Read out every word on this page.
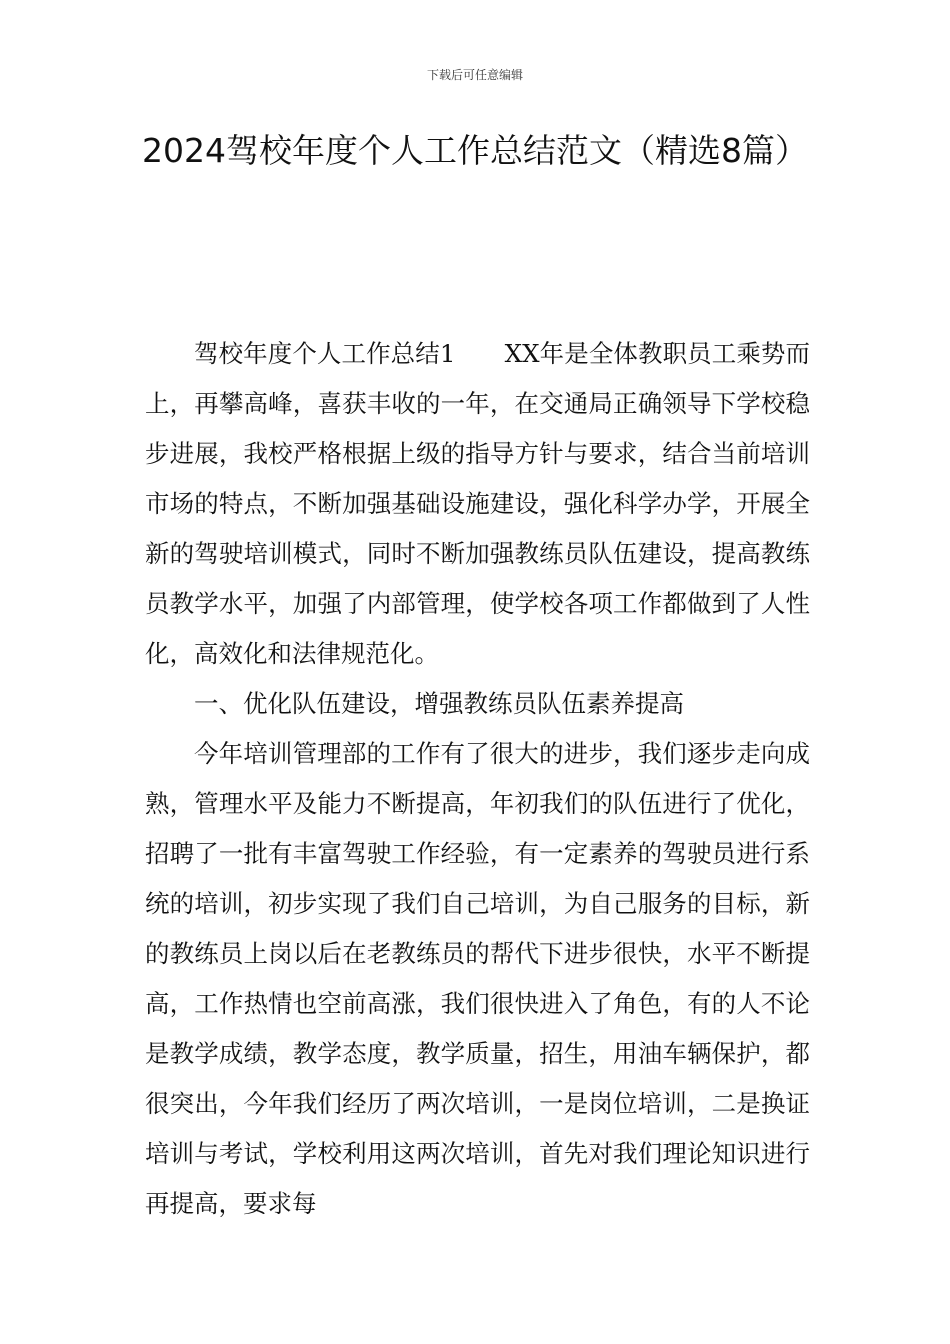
下载后可任意编辑
2024驾校年度个人工作总结范文（精选8篇）

驾校年度个人工作总结1　　XX年是全体教职员工乘势而上，再攀高峰，喜获丰收的一年，在交通局正确领导下学校稳步进展，我校严格根据上级的指导方针与要求，结合当前培训市场的特点，不断加强基础设施建设，强化科学办学，开展全新的驾驶培训模式，同时不断加强教练员队伍建设，提高教练员教学水平，加强了内部管理，使学校各项工作都做到了人性化，高效化和法律规范化。

一、优化队伍建设，增强教练员队伍素养提高

今年培训管理部的工作有了很大的进步，我们逐步走向成熟，管理水平及能力不断提高，年初我们的队伍进行了优化，招聘了一批有丰富驾驶工作经验，有一定素养的驾驶员进行系统的培训，初步实现了我们自己培训，为自己服务的目标，新的教练员上岗以后在老教练员的帮代下进步很快，水平不断提高，工作热情也空前高涨，我们很快进入了角色，有的人不论是教学成绩，教学态度，教学质量，招生，用油车辆保护，都很突出，今年我们经历了两次培训，一是岗位培训，二是换证培训与考试，学校利用这两次培训，首先对我们理论知识进行再提高，要求每
